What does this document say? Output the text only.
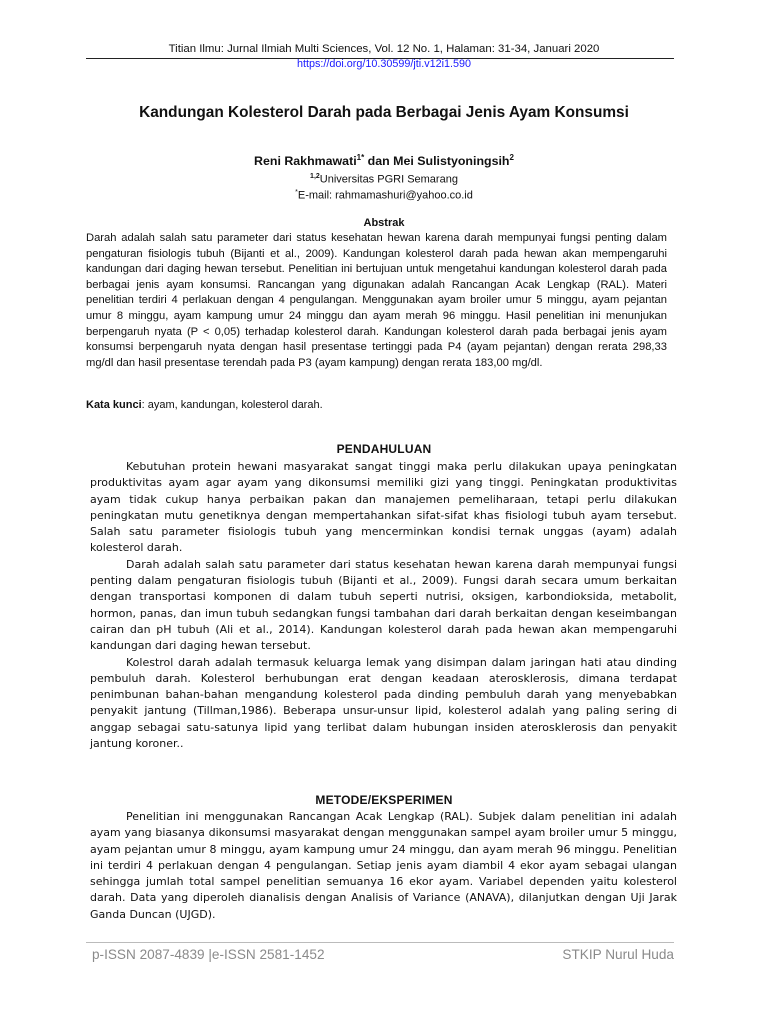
Titian Ilmu: Jurnal Ilmiah Multi Sciences, Vol. 12 No. 1, Halaman: 31-34, Januari 2020
https://doi.org/10.30599/jti.v12i1.590
Kandungan Kolesterol Darah pada Berbagai Jenis Ayam Konsumsi
Reni Rakhmawati$^{1*}$ dan Mei Sulistyoningsih$^2$
$^{1,2}$Universitas PGRI Semarang
*E-mail: rahmamashuri@yahoo.co.id
Abstrak
Darah adalah salah satu parameter dari status kesehatan hewan karena darah mempunyai fungsi penting dalam pengaturan fisiologis tubuh (Bijanti et al., 2009). Kandungan kolesterol darah pada hewan akan mempengaruhi kandungan dari daging hewan tersebut. Penelitian ini bertujuan untuk mengetahui kandungan kolesterol darah pada berbagai jenis ayam konsumsi. Rancangan yang digunakan adalah Rancangan Acak Lengkap (RAL). Materi penelitian terdiri 4 perlakuan dengan 4 pengulangan. Menggunakan ayam broiler umur 5 minggu, ayam pejantan umur 8 minggu, ayam kampung umur 24 minggu dan ayam merah 96 minggu. Hasil penelitian ini menunjukan berpengaruh nyata (P < 0,05) terhadap kolesterol darah. Kandungan kolesterol darah pada berbagai jenis ayam konsumsi berpengaruh nyata dengan hasil presentase tertinggi pada P4 (ayam pejantan) dengan rerata 298,33 mg/dl dan hasil presentase terendah pada P3 (ayam kampung) dengan rerata 183,00 mg/dl.
Kata kunci: ayam, kandungan, kolesterol darah.
PENDAHULUAN

Kebutuhan protein hewani masyarakat sangat tinggi maka perlu dilakukan upaya peningkatan produktivitas ayam agar ayam yang dikonsumsi memiliki gizi yang tinggi. Peningkatan produktivitas ayam tidak cukup hanya perbaikan pakan dan manajemen pemeliharaan, tetapi perlu dilakukan peningkatan mutu genetiknya dengan mempertahankan sifat-sifat khas fisiologi tubuh ayam tersebut. Salah satu parameter fisiologis tubuh yang mencerminkan kondisi ternak unggas (ayam) adalah kolesterol darah.

Darah adalah salah satu parameter dari status kesehatan hewan karena darah mempunyai fungsi penting dalam pengaturan fisiologis tubuh (Bijanti et al., 2009). Fungsi darah secara umum berkaitan dengan transportasi komponen di dalam tubuh seperti nutrisi, oksigen, karbondioksida, metabolit, hormon, panas, dan imun tubuh sedangkan fungsi tambahan dari darah berkaitan dengan keseimbangan cairan dan pH tubuh (Ali et al., 2014). Kandungan kolesterol darah pada hewan akan mempengaruhi kandungan dari daging hewan tersebut.

Kolestrol darah adalah termasuk keluarga lemak yang disimpan dalam jaringan hati atau dinding pembuluh darah. Kolesterol berhubungan erat dengan keadaan aterosklerosis, dimana terdapat penimbunan bahan-bahan mengandung kolesterol pada dinding pembuluh darah yang menyebabkan penyakit jantung (Tillman,1986). Beberapa unsur-unsur lipid, kolesterol adalah yang paling sering di anggap sebagai satu-satunya lipid yang terlibat dalam hubungan insiden aterosklerosis dan penyakit jantung koroner..

METODE/EKSPERIMEN

Penelitian ini menggunakan Rancangan Acak Lengkap (RAL). Subjek dalam penelitian ini adalah ayam yang biasanya dikonsumsi masyarakat dengan menggunakan sampel ayam broiler umur 5 minggu, ayam pejantan umur 8 minggu, ayam kampung umur 24 minggu, dan ayam merah 96 minggu. Penelitian ini terdiri 4 perlakuan dengan 4 pengulangan. Setiap jenis ayam diambil 4 ekor ayam sebagai ulangan sehingga jumlah total sampel penelitian semuanya 16 ekor ayam. Variabel dependen yaitu kolesterol darah. Data yang diperoleh dianalisis dengan Analisis of Variance (ANAVA), dilanjutkan dengan Uji Jarak Ganda Duncan (UJGD).

p-ISSN 2087-4839 |e-ISSN 2581-1452	STKIP Nurul Huda
